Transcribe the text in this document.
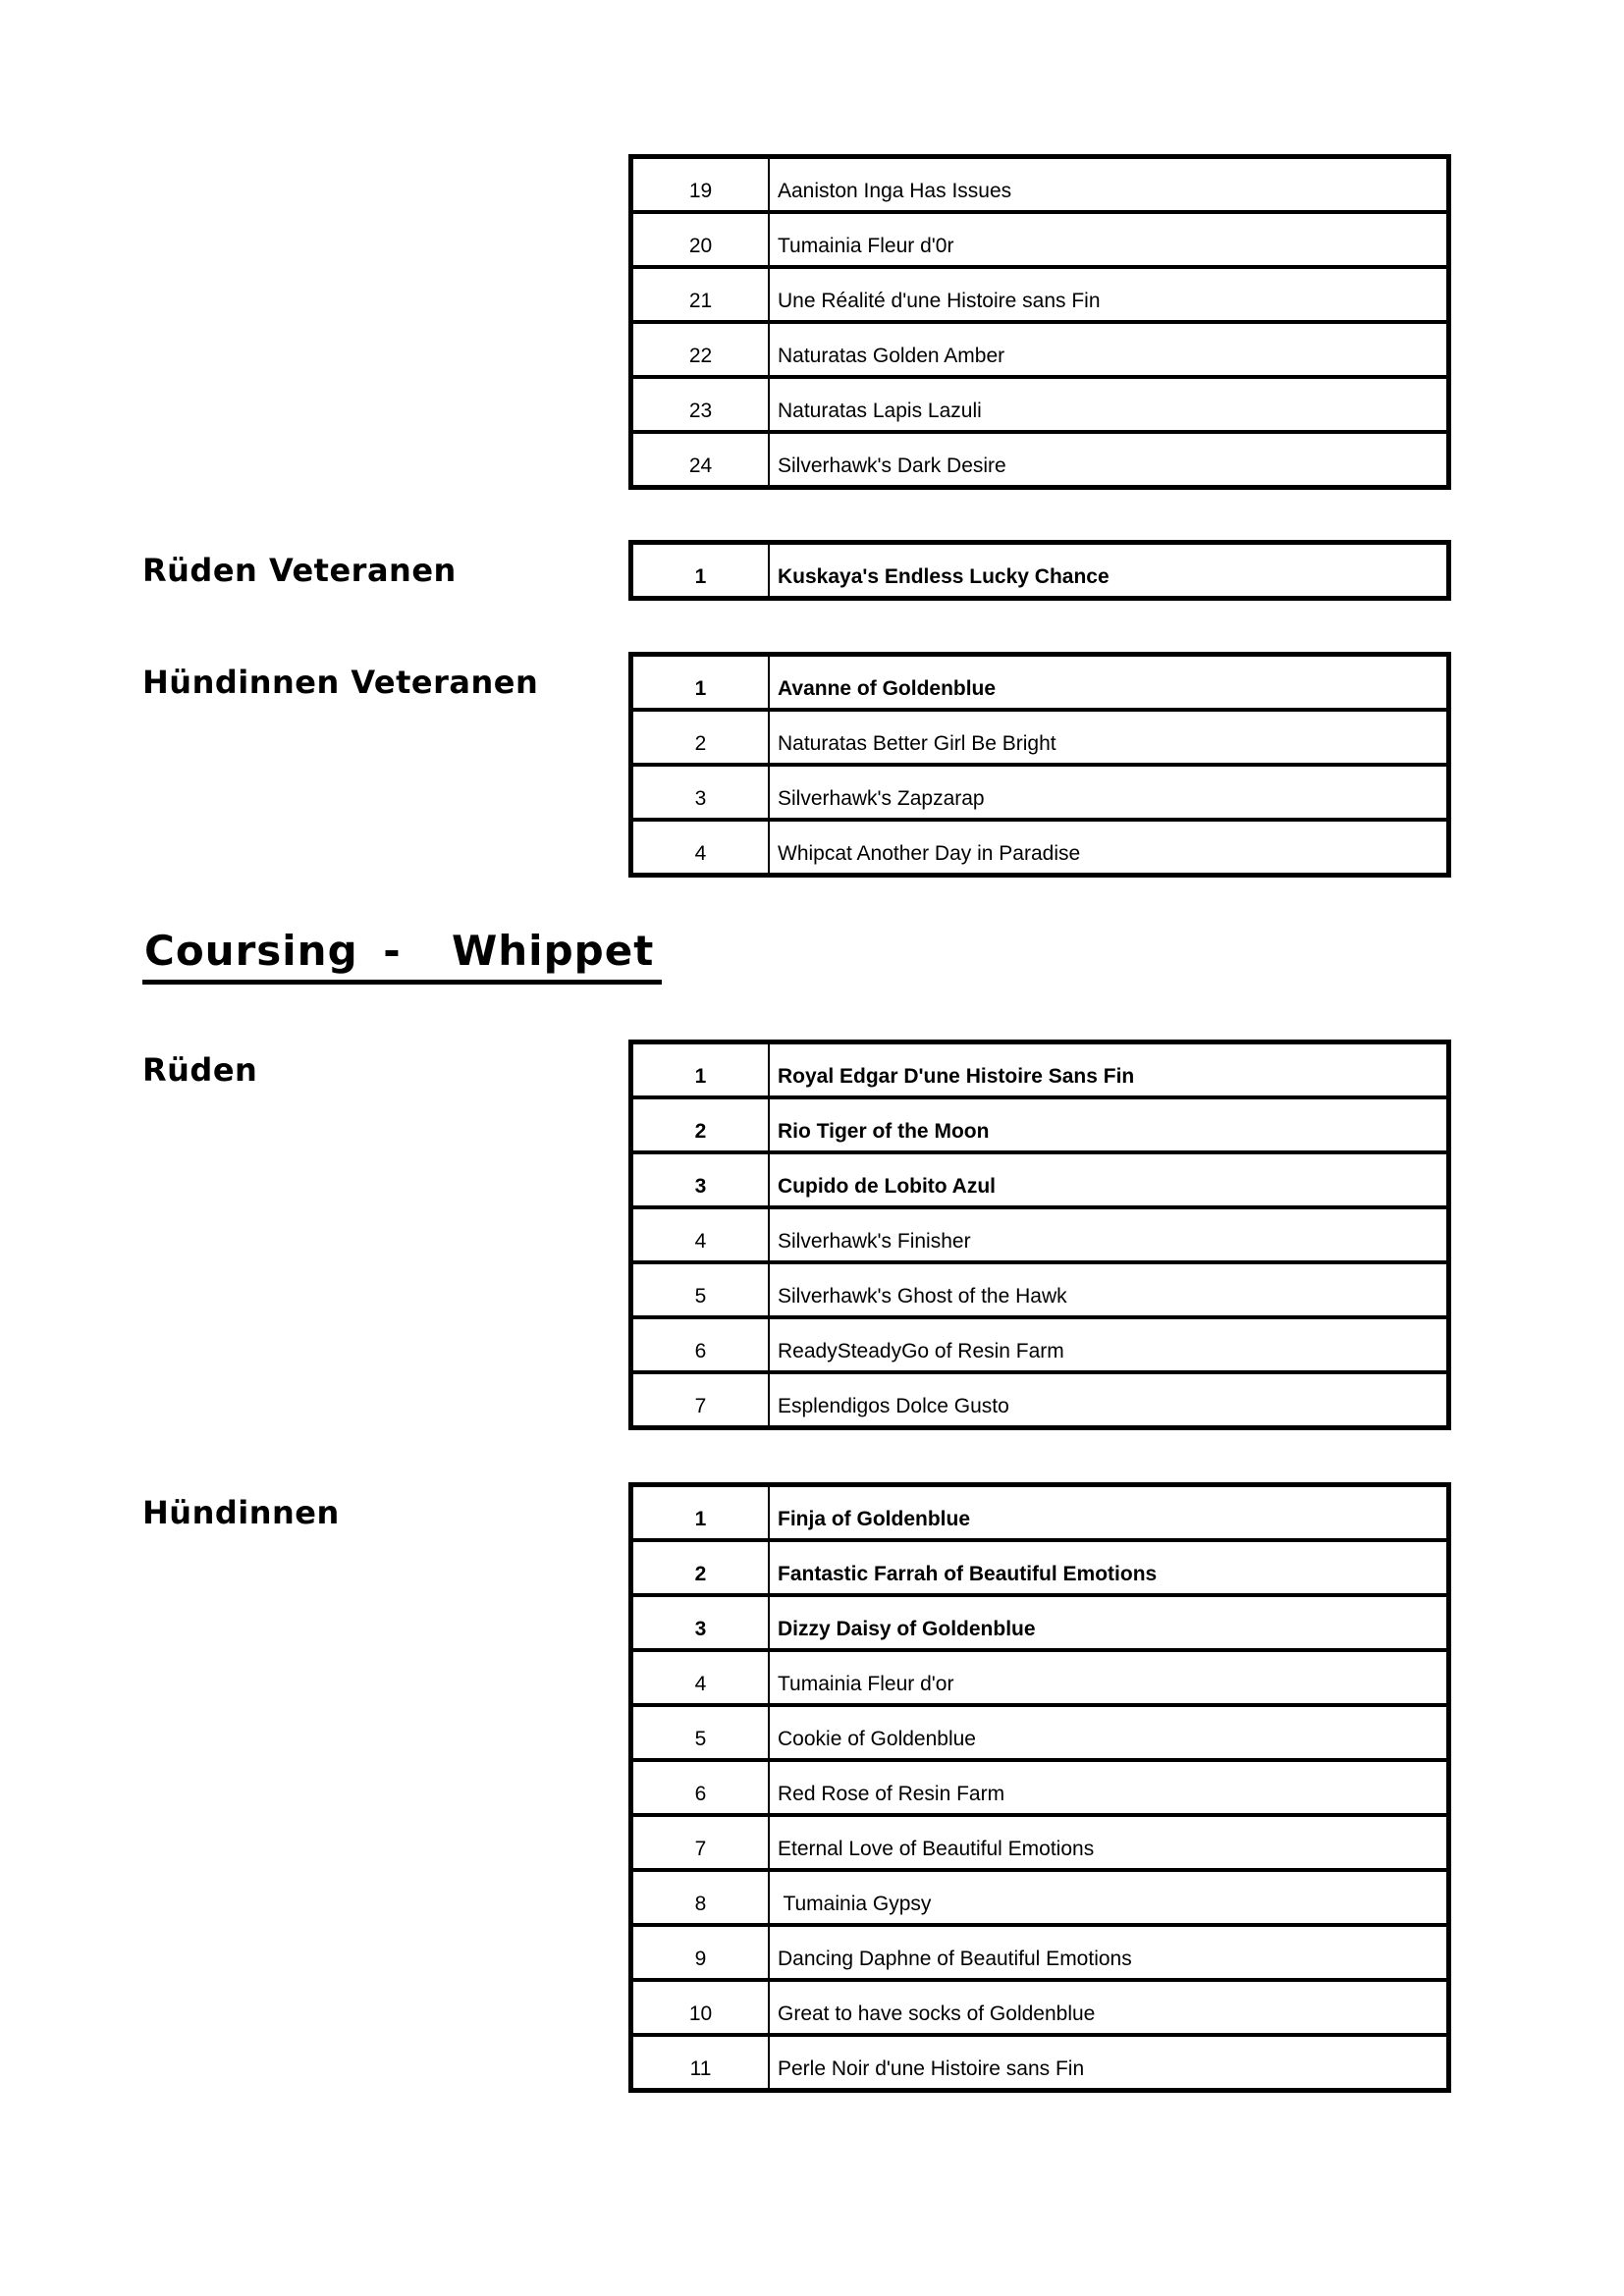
19	Aaniston Inga Has Issues
20	Tumainia Fleur d'0r
21	Une Réalité d'une Histoire sans Fin
22	Naturatas Golden Amber
23	Naturatas Lapis Lazuli
24	Silverhawk's Dark Desire
Rüden Veteranen	1	Kuskaya's Endless Lucky Chance
Hündinnen Veteranen	1	Avanne of Goldenblue
2	Naturatas Better Girl Be Bright
3	Silverhawk's Zapzarap
4	Whipcat Another Day in Paradise
Coursing -  Whippet
Rüden	1	Royal Edgar D'une Histoire Sans Fin
2	Rio Tiger of the Moon
3	Cupido de Lobito Azul
4	Silverhawk's Finisher
5	Silverhawk's Ghost of the Hawk
6	ReadySteadyGo of Resin Farm
7	Esplendigos Dolce Gusto
Hündinnen	1	Finja of Goldenblue
2	Fantastic Farrah of Beautiful Emotions
3	Dizzy Daisy of Goldenblue
4	Tumainia Fleur d'or
5	Cookie of Goldenblue
6	Red Rose of Resin Farm
7	Eternal Love of Beautiful Emotions
8	Tumainia Gypsy
9	Dancing Daphne of Beautiful Emotions
10	Great to have socks of Goldenblue
11	Perle Noir d'une Histoire sans Fin
